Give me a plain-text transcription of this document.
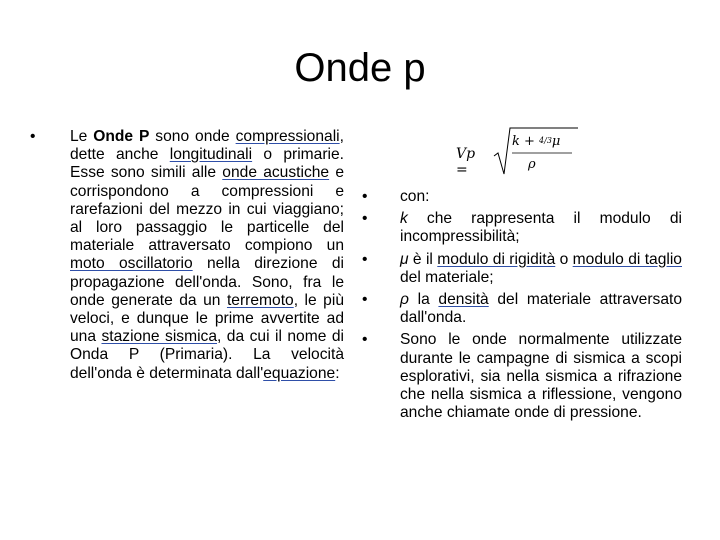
Onde p
•	Le Onde P sono onde compressionali, dette anche longitudinali o primarie. Esse sono simili alle onde acustiche e corrispondono a compressioni e rarefazioni del mezzo in cui viaggiano; al loro passaggio le particelle del materiale attraversato compiono un moto oscillatorio nella direzione di propagazione dell'onda. Sono, fra le onde generate da un terremoto, le più veloci, e dunque le prime avvertite ad una stazione sismica, da cui il nome di Onda P (Primaria). La velocità dell'onda è determinata dall'equazione:
Vp =
k + 4/3μ
ρ
•	con:
•	k che rappresenta il modulo di incompressibilità;
•	μ è il modulo di rigidità o modulo di taglio del materiale;
•	ρ la densità del materiale attraversato dall'onda.
•	Sono le onde normalmente utilizzate durante le campagne di sismica a scopi esplorativi, sia nella sismica a rifrazione che nella sismica a riflessione, vengono anche chiamate onde di pressione.
